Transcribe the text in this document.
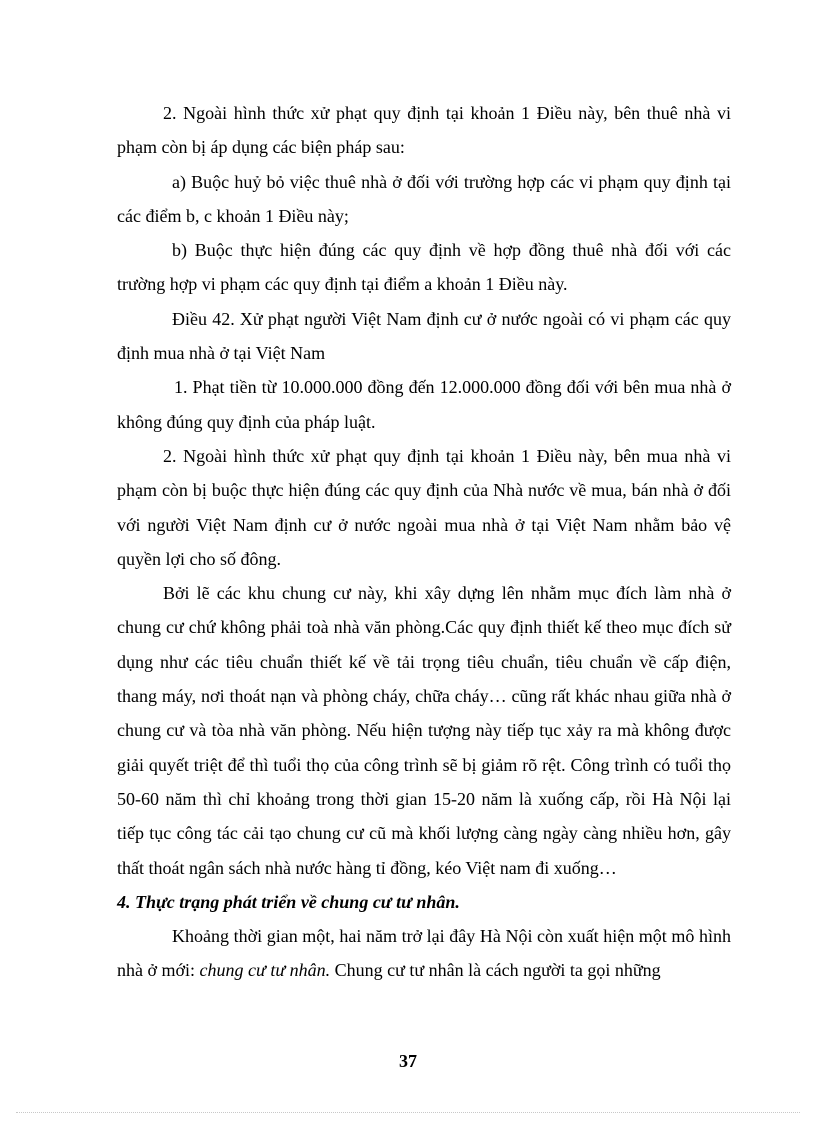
2. Ngoài hình thức xử phạt quy định tại khoản 1 Điều này, bên thuê nhà vi phạm còn bị áp dụng các biện pháp sau:

a) Buộc huỷ bỏ việc thuê nhà ở đối với trường hợp các vi phạm quy định tại các điểm b, c khoản 1 Điều này;

b) Buộc thực hiện đúng các quy định về hợp đồng thuê nhà đối với các trường hợp vi phạm các quy định tại điểm a khoản 1 Điều này.

Điều 42. Xử phạt người Việt Nam định cư ở nước ngoài có vi phạm các quy định mua nhà ở tại Việt Nam

1. Phạt tiền từ 10.000.000 đồng đến 12.000.000 đồng đối với bên mua nhà ở không đúng quy định của pháp luật.

2. Ngoài hình thức xử phạt quy định tại khoản 1 Điều này, bên mua nhà vi phạm còn bị buộc thực hiện đúng các quy định của Nhà nước về mua, bán nhà ở đối với người Việt Nam định cư ở nước ngoài mua nhà ở tại Việt Nam nhằm bảo vệ quyền lợi cho số đông.

Bởi lẽ các khu chung cư này, khi xây dựng lên nhằm mục đích làm nhà ở chung cư chứ không phải toà nhà văn phòng.Các quy định thiết kế theo mục đích sử dụng như các tiêu chuẩn thiết kế về tải trọng tiêu chuẩn, tiêu chuẩn về cấp điện, thang máy, nơi thoát nạn và phòng cháy, chữa cháy… cũng rất khác nhau giữa nhà ở chung cư và tòa nhà văn phòng. Nếu hiện tượng này tiếp tục xảy ra mà không được giải quyết triệt để thì tuổi thọ của công trình sẽ bị giảm rõ rệt. Công trình có tuổi thọ 50-60 năm thì chỉ khoảng trong thời gian 15-20 năm là xuống cấp, rồi Hà Nội lại tiếp tục công tác cải tạo chung cư cũ mà khối lượng càng ngày càng nhiều hơn, gây thất thoát ngân sách nhà nước hàng tỉ đồng, kéo Việt nam đi xuống…

4. Thực trạng phát triển về chung cư tư nhân.

Khoảng thời gian một, hai năm trở lại đây Hà Nội còn xuất hiện một mô hình nhà ở mới: chung cư tư nhân. Chung cư tư nhân là cách người ta gọi những

37
